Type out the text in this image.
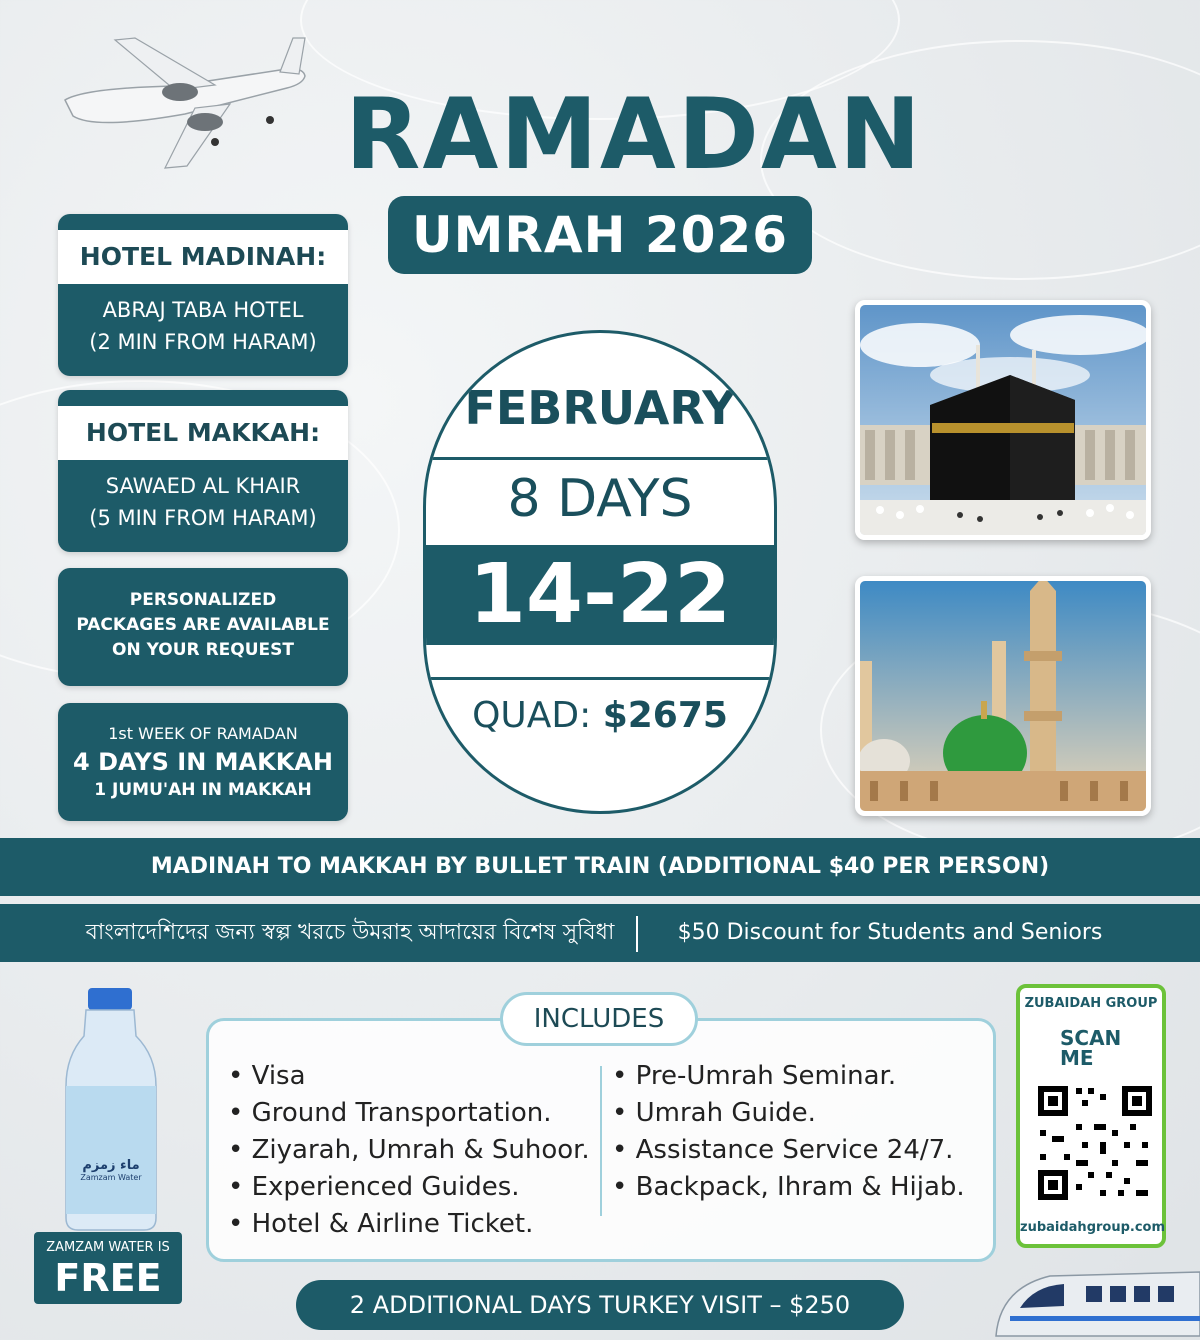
RAMADAN
UMRAH 2026
HOTEL MADINAH:
ABRAJ TABA HOTEL
(2 MIN FROM HARAM)
HOTEL MAKKAH:
SAWAED AL KHAIR
(5 MIN FROM HARAM)
PERSONALIZED
PACKAGES ARE AVAILABLE
ON YOUR REQUEST
1st WEEK OF RAMADAN
4 DAYS IN MAKKAH
1 JUMU'AH IN MAKKAH
FEBRUARY
8 DAYS
14-22
QUAD: $2675
MADINAH TO MAKKAH BY BULLET TRAIN (ADDITIONAL $40 PER PERSON)
বাংলাদেশিদের জন্য স্বল্প খরচে উমরাহ আদায়ের বিশেষ সুবিধা	$50 Discount for Students and Seniors
ماء زمزم
Zamzam Water
ZAMZAM WATER IS
FREE
INCLUDES
• Visa
• Ground Transportation.
• Ziyarah, Umrah & Suhoor.
• Experienced Guides.
• Hotel & Airline Ticket.
• Pre-Umrah Seminar.
• Umrah Guide.
• Assistance Service 24/7.
• Backpack, Ihram & Hijab.
ZUBAIDAH GROUP
SCAN
ME
zubaidahgroup.com
2 ADDITIONAL DAYS TURKEY VISIT – $250
